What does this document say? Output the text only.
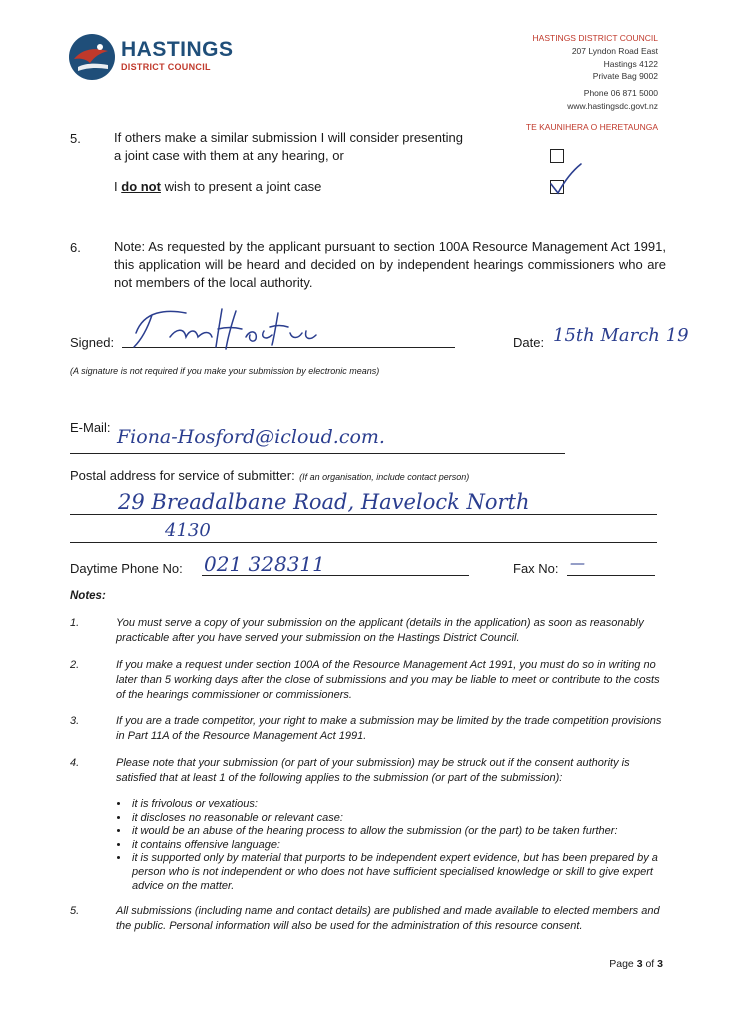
HASTINGS
DISTRICT COUNCIL
HASTINGS DISTRICT COUNCIL
207 Lyndon Road East
Hastings 4122
Private Bag 9002
Phone 06 871 5000
www.hastingsdc.govt.nz
TE KAUNIHERA O HERETAUNGA
5.	If others make a similar submission I will consider presenting
a joint case with them at any hearing, or
I do not wish to present a joint case
6.	Note: As requested by the applicant pursuant to section 100A Resource Management Act 1991, this application will be heard and decided on by independent hearings commissioners who are not members of the local authority.
Signed:
(A signature is not required if you make your submission by electronic means)
Date: 15th March 19
E-Mail: Fiona-Hosford@icloud.com.
Postal address for service of submitter: (If an organisation, include contact person)
29 Breadalbane Road, Havelock North
4130
Daytime Phone No: 021 328311	Fax No: —
Notes:
1.	You must serve a copy of your submission on the applicant (details in the application) as soon as reasonably practicable after you have served your submission on the Hastings District Council.
2.	If you make a request under section 100A of the Resource Management Act 1991, you must do so in writing no later than 5 working days after the close of submissions and you may be liable to meet or contribute to the costs of the hearings commissioner or commissioners.
3.	If you are a trade competitor, your right to make a submission may be limited by the trade competition provisions in Part 11A of the Resource Management Act 1991.
4.	Please note that your submission (or part of your submission) may be struck out if the consent authority is satisfied that at least 1 of the following applies to the submission (or part of the submission):
• it is frivolous or vexatious:
• it discloses no reasonable or relevant case:
• it would be an abuse of the hearing process to allow the submission (or the part) to be taken further:
• it contains offensive language:
• it is supported only by material that purports to be independent expert evidence, but has been prepared by a person who is not independent or who does not have sufficient specialised knowledge or skill to give expert advice on the matter.
5.	All submissions (including name and contact details) are published and made available to elected members and the public. Personal information will also be used for the administration of this resource consent.
Page 3 of 3
